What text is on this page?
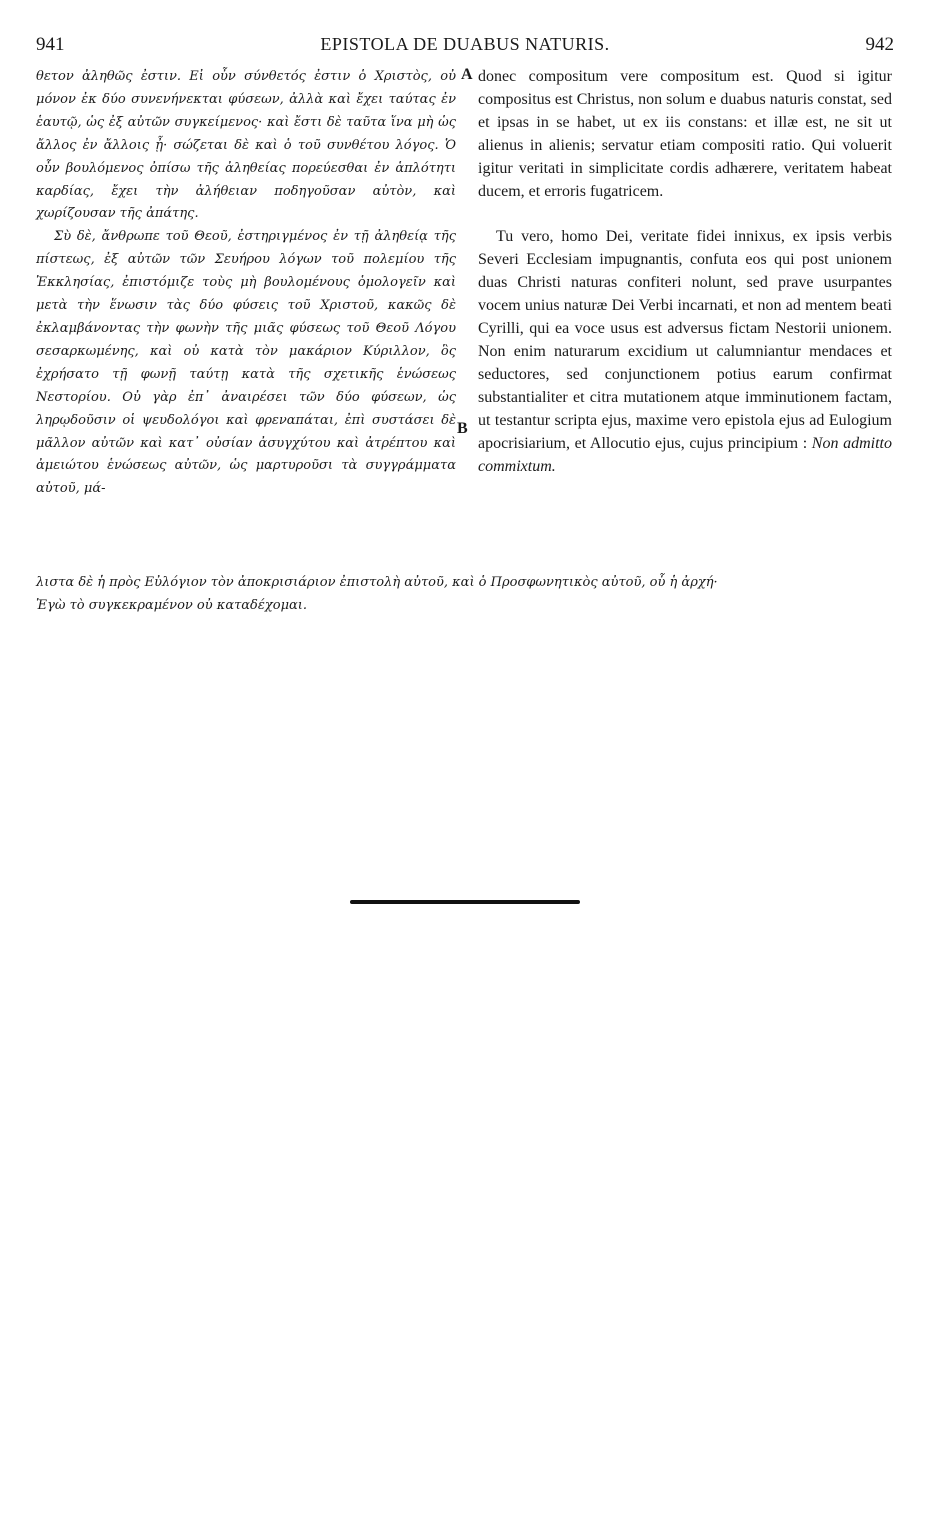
941	EPISTOLA DE DUABUS NATURIS.	942
A
B

θετον ἀληθῶς ἐστιν. Εἰ οὖν σύνθετός ἐστιν ὁ Χριστὸς, οὐ μόνον ἐκ δύο συνενήνεκται φύσεων, ἀλλὰ καὶ ἔχει ταύτας ἐν ἑαυτῷ, ὡς ἐξ αὐτῶν συγκείμενος· καὶ ἔστι δὲ ταῦτα ἵνα μὴ ὡς ἄλλος ἐν ἄλλοις ᾖ· σώζεται δὲ καὶ ὁ τοῦ συνθέτου λόγος. Ὁ οὖν βουλόμενος ὀπίσω τῆς ἀληθείας πορεύεσθαι ἐν ἁπλότητι καρδίας, ἔχει τὴν ἀλήθειαν ποδηγοῦσαν αὐτὸν, καὶ χωρίζουσαν τῆς ἀπάτης.

Σὺ δὲ, ἄνθρωπε τοῦ Θεοῦ, ἐστηριγμένος ἐν τῇ ἀληθείᾳ τῆς πίστεως, ἐξ αὐτῶν τῶν Σευήρου λόγων τοῦ πολεμίου τῆς Ἐκκλησίας, ἐπιστόμιζε τοὺς μὴ βουλομένους ὁμολογεῖν καὶ μετὰ τὴν ἕνωσιν τὰς δύο φύσεις τοῦ Χριστοῦ, κακῶς δὲ ἐκλαμβάνοντας τὴν φωνὴν τῆς μιᾶς φύσεως τοῦ Θεοῦ Λόγου σεσαρκωμένης, καὶ οὐ κατὰ τὸν μακάριον Κύριλλον, ὃς ἐχρήσατο τῇ φωνῇ ταύτῃ κατὰ τῆς σχετικῆς ἑνώσεως Νεστορίου. Οὐ γὰρ ἐπ᾽ ἀναιρέσει τῶν δύο φύσεων, ὡς ληρῳδοῦσιν οἱ ψευδολόγοι καὶ φρεναπάται, ἐπὶ συστάσει δὲ μᾶλλον αὐτῶν καὶ κατ᾽ οὐσίαν ἀσυγχύτου καὶ ἀτρέπτου καὶ ἀμειώτου ἑνώσεως αὐτῶν, ὡς μαρτυροῦσι τὰ συγγράμματα αὐτοῦ, μά-

donec compositum vere compositum est. Quod si igitur compositus est Christus, non solum e duabus naturis constat, sed et ipsas in se habet, ut ex iis constans: et illæ est, ne sit ut alienus in alienis; servatur etiam compositi ratio. Qui voluerit igitur veritati in simplicitate cordis adhærere, veritatem habeat ducem, et erroris fugatricem.

Tu vero, homo Dei, veritate fidei innixus, ex ipsis verbis Severi Ecclesiam impugnantis, confuta eos qui post unionem duas Christi naturas confiteri nolunt, sed prave usurpantes vocem unius naturæ Dei Verbi incarnati, et non ad mentem beati Cyrilli, qui ea voce usus est adversus fictam Nestorii unionem. Non enim naturarum excidium ut calumniantur mendaces et seductores, sed conjunctionem potius earum confirmat substantialiter et citra mutationem atque imminutionem factam, ut testantur scripta ejus, maxime vero epistola ejus ad Eulogium apocrisiarium, et Allocutio ejus, cujus principium : Non admitto commixtum.

λιστα δὲ ἡ πρὸς Εὐλόγιον τὸν ἀποκρισιάριον ἐπιστολὴ αὐτοῦ, καὶ ὁ Προσφωνητικὸς αὐτοῦ, οὗ ἡ ἀρχή·
Ἐγὼ τὸ συγκεκραμένον οὐ καταδέχομαι.
